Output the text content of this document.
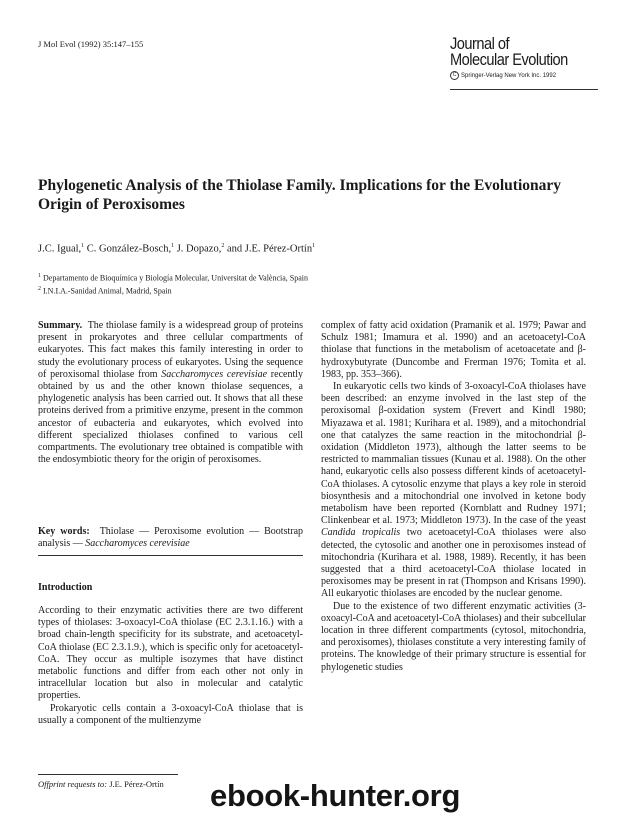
J Mol Evol (1992) 35:147–155	Journal of
Molecular Evolution
C Springer-Verlag New York Inc. 1992
Phylogenetic Analysis of the Thiolase Family. Implications for the Evolutionary Origin of Peroxisomes
J.C. Igual,$^1$ C. González-Bosch,$^1$ J. Dopazo,$^2$ and J.E. Pérez-Ortín$^1$
$^1$ Departamento de Bioquímica y Biología Molecular, Universitat de València, Spain
$^2$ I.N.I.A.-Sanidad Animal, Madrid, Spain
Summary. The thiolase family is a widespread group of proteins present in prokaryotes and three cellular compartments of eukaryotes. This fact makes this family interesting in order to study the evolutionary process of eukaryotes. Using the sequence of peroxisomal thiolase from Saccharomyces cerevisiae recently obtained by us and the other known thiolase sequences, a phylogenetic analysis has been carried out. It shows that all these proteins derived from a primitive enzyme, present in the common ancestor of eubacteria and eukaryotes, which evolved into different specialized thiolases confined to various cell compartments. The evolutionary tree obtained is compatible with the endosymbiotic theory for the origin of peroxisomes.
Key words: Thiolase — Peroxisome evolution — Bootstrap analysis — Saccharomyces cerevisiae
Introduction

According to their enzymatic activities there are two different types of thiolases: 3-oxoacyl-CoA thiolase (EC 2.3.1.16.) with a broad chain-length specificity for its substrate, and acetoacetyl-CoA thiolase (EC 2.3.1.9.), which is specific only for acetoacetyl-CoA. They occur as multiple isozymes that have distinct metabolic functions and differ from each other not only in intracellular location but also in molecular and catalytic properties.

Prokaryotic cells contain a 3-oxoacyl-CoA thiolase that is usually a component of the multienzyme

complex of fatty acid oxidation (Pramanik et al. 1979; Pawar and Schulz 1981; Imamura et al. 1990) and an acetoacetyl-CoA thiolase that functions in the metabolism of acetoacetate and β-hydroxybutyrate (Duncombe and Frerman 1976; Tomita et al. 1983, pp. 353–366).

In eukaryotic cells two kinds of 3-oxoacyl-CoA thiolases have been described: an enzyme involved in the last step of the peroxisomal β-oxidation system (Frevert and Kindl 1980; Miyazawa et al. 1981; Kurihara et al. 1989), and a mitochondrial one that catalyzes the same reaction in the mitochondrial β-oxidation (Middleton 1973), although the latter seems to be restricted to mammalian tissues (Kunau et al. 1988). On the other hand, eukaryotic cells also possess different kinds of acetoacetyl-CoA thiolases. A cytosolic enzyme that plays a key role in steroid biosynthesis and a mitochondrial one involved in ketone body metabolism have been reported (Kornblatt and Rudney 1971; Clinkenbear et al. 1973; Middleton 1973). In the case of the yeast Candida tropicalis two acetoacetyl-CoA thiolases were also detected, the cytosolic and another one in peroxisomes instead of mitochondria (Kurihara et al. 1988, 1989). Recently, it has been suggested that a third acetoacetyl-CoA thiolase located in peroxisomes may be present in rat (Thompson and Krisans 1990). All eukaryotic thiolases are encoded by the nuclear genome.

Due to the existence of two different enzymatic activities (3-oxoacyl-CoA and acetoacetyl-CoA thiolases) and their subcellular location in three different compartments (cytosol, mitochondria, and peroxisomes), thiolases constitute a very interesting family of proteins. The knowledge of their primary structure is essential for phylogenetic studies

Offprint requests to: J.E. Pérez-Ortín ebook-hunter.org
